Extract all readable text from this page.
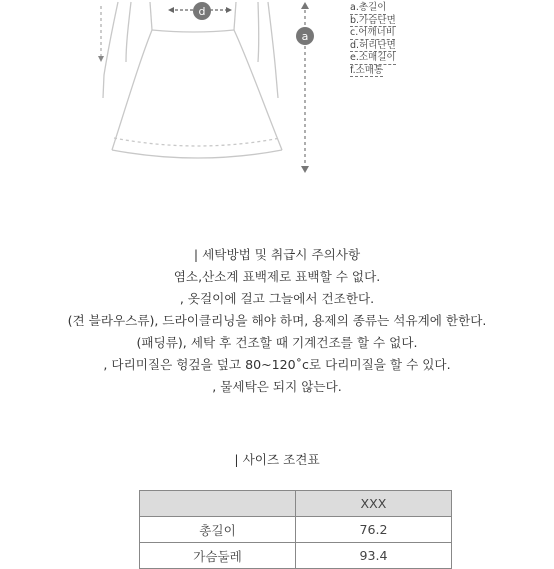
d
a
a.총길이
b.가슴단면
c.어깨너비
d.허리단면
e.소매길이
f.소매통
| 세탁방법 및 취급시 주의사항
염소,산소계 표백제로 표백할 수 없다.
, 옷걸이에 걸고 그늘에서 건조한다.
(견 블라우스류), 드라이클리닝을 해야 하며, 용제의 종류는 석유계에 한한다.
(패딩류), 세탁 후 건조할 때 기계건조를 할 수 없다.
, 다리미질은 헝겊을 덮고 80~120˚c로 다리미질을 할 수 있다.
, 물세탁은 되지 않는다.
| 사이즈 조견표
	XXX
총길이	76.2
가슴둘레	93.4
